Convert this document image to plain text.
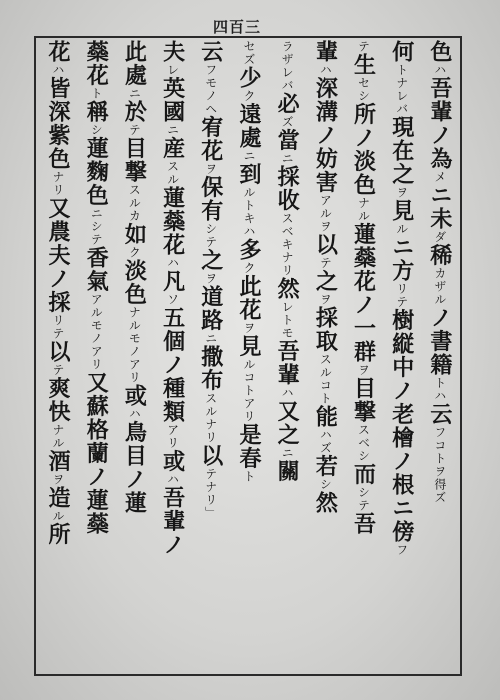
四百三
色ハ吾輩ノ為メニ未ダ稀カザルノ書籍トハ云フコトヲ得ズ
何トナレバ現在之ヲ見ルニ方リテ樹縦中ノ老檜ノ根ニ傍フ
テ生セシ所ノ淡色ナル蓮蘂花ノ一群ヲ目撃スベシ而シテ吾
輩ハ深溝ノ妨害アルヲ以テ之ヲ採取スルコト能ハズ若シ然
ラザレバ必ズ當ニ採收スベキナリ然レトモ吾輩ハ又之ニ關
セズ少ク遠處ニ到ルトキハ多ク此花ヲ見ルコトアリ是春ト
云フモノヘ宥花ヲ保有シテ之ヲ道路ニ撒布スルナリ以テナリ」
夫レ英國ニ産スル蓮蘂花ハ凡ソ五個ノ種類アリ或ハ吾輩ノ
此處ニ於テ目撃スルカ如ク淡色ナルモノアリ或ハ鳥目ノ蓮
蘂花ト稱シ蓮麴色ニシテ香氣アルモノアリ又蘇格蘭ノ蓮蘂
花ハ皆深紫色ナリ又農夫ノ採リテ以テ爽快ナル酒ヲ造ル所
